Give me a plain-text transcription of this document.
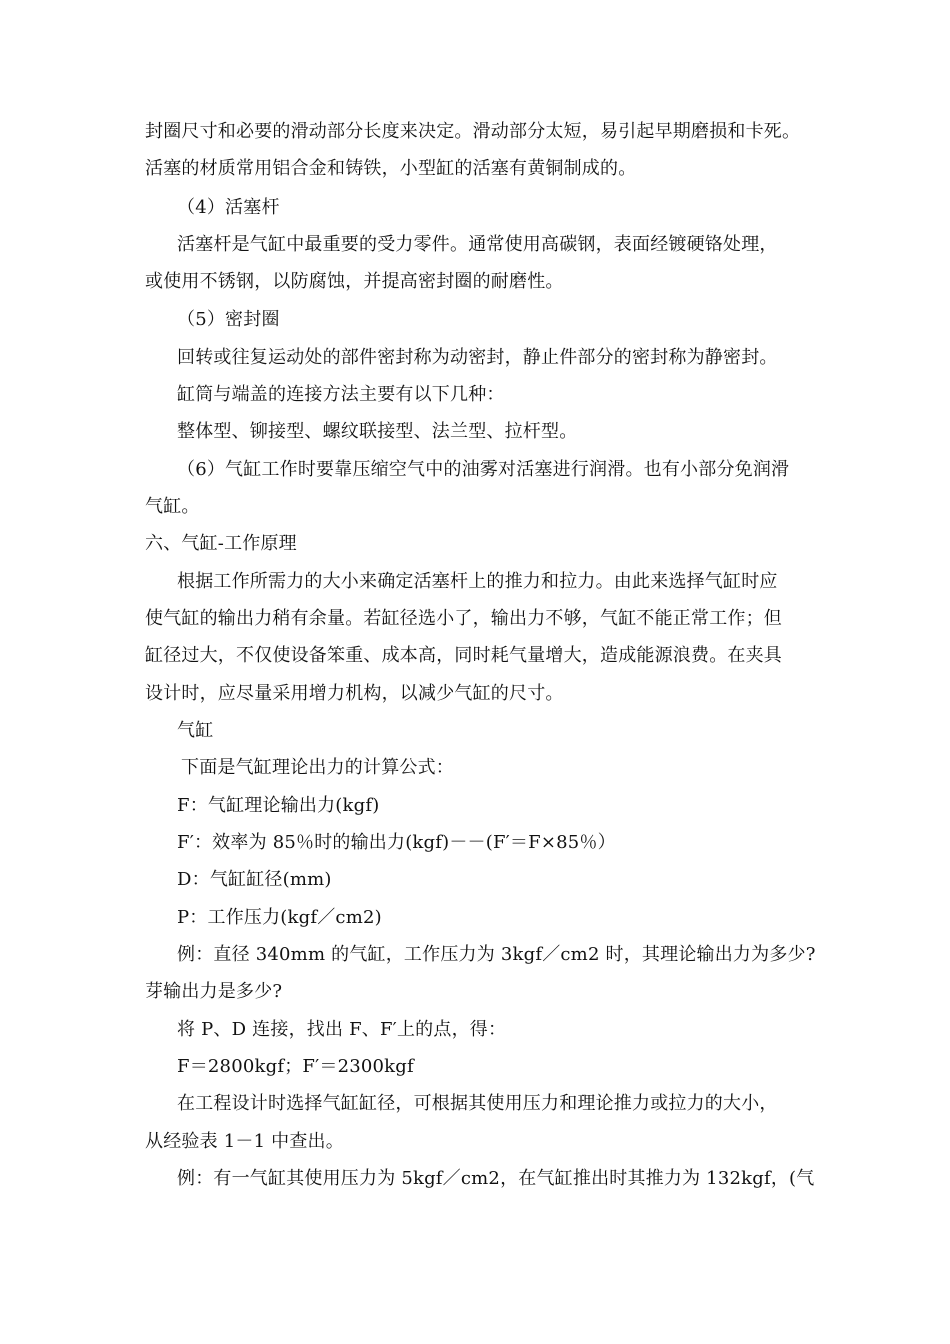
封圈尺寸和必要的滑动部分长度来决定。滑动部分太短，易引起早期磨损和卡死。
活塞的材质常用铝合金和铸铁，小型缸的活塞有黄铜制成的。
（4）活塞杆
活塞杆是气缸中最重要的受力零件。通常使用高碳钢，表面经镀硬铬处理，
或使用不锈钢，以防腐蚀，并提高密封圈的耐磨性。
（5）密封圈
回转或往复运动处的部件密封称为动密封，静止件部分的密封称为静密封。
缸筒与端盖的连接方法主要有以下几种：
整体型、铆接型、螺纹联接型、法兰型、拉杆型。
（6）气缸工作时要靠压缩空气中的油雾对活塞进行润滑。也有小部分免润滑
气缸。
六、气缸-工作原理
根据工作所需力的大小来确定活塞杆上的推力和拉力。由此来选择气缸时应
使气缸的输出力稍有余量。若缸径选小了，输出力不够，气缸不能正常工作；但
缸径过大，不仅使设备笨重、成本高，同时耗气量增大，造成能源浪费。在夹具
设计时，应尽量采用增力机构，以减少气缸的尺寸。
气缸
下面是气缸理论出力的计算公式：
F：气缸理论输出力(kgf)
F′：效率为 85％时的输出力(kgf)－－(F′＝F×85％）
D：气缸缸径(mm)
P：工作压力(kgf／cm2)
例：直径 340mm 的气缸，工作压力为 3kgf／cm2 时，其理论输出力为多少?
芽输出力是多少?
将 P、D 连接，找出 F、F′上的点，得：
F＝2800kgf；F′＝2300kgf
在工程设计时选择气缸缸径，可根据其使用压力和理论推力或拉力的大小，
从经验表 1－1 中查出。
例：有一气缸其使用压力为 5kgf／cm2，在气缸推出时其推力为 132kgf，(气
